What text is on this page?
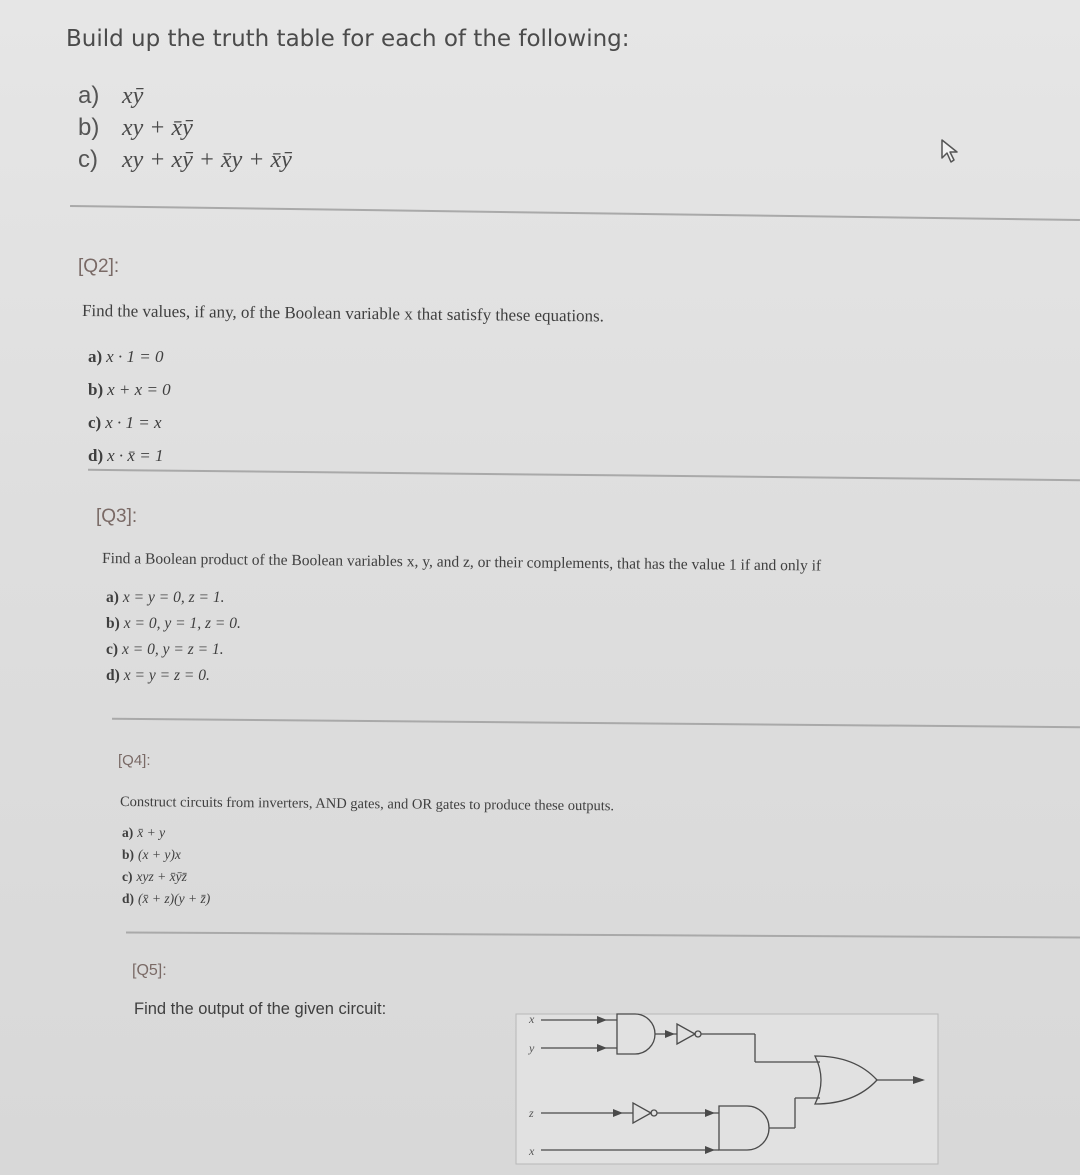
Build up the truth table for each of the following:
a) xȳ
b) xy + x̄ȳ
c) xy + xȳ + x̄y + x̄ȳ
[Q2]:
Find the values, if any, of the Boolean variable x that satisfy these equations.
a) x · 1 = 0
b) x + x = 0
c) x · 1 = x
d) x · x̄ = 1
[Q3]:
Find a Boolean product of the Boolean variables x, y, and z, or their complements, that has the value 1 if and only if
a) x = y = 0, z = 1.
b) x = 0, y = 1, z = 0.
c) x = 0, y = z = 1.
d) x = y = z = 0.
[Q4]:
Construct circuits from inverters, AND gates, and OR gates to produce these outputs.
a) x̄ + y
b) (x + y)x
c) xyz + x̄ȳz̄
d) (x̄ + z)(y + z̄)
[Q5]:
Find the output of the given circuit:
x
y
z
x
